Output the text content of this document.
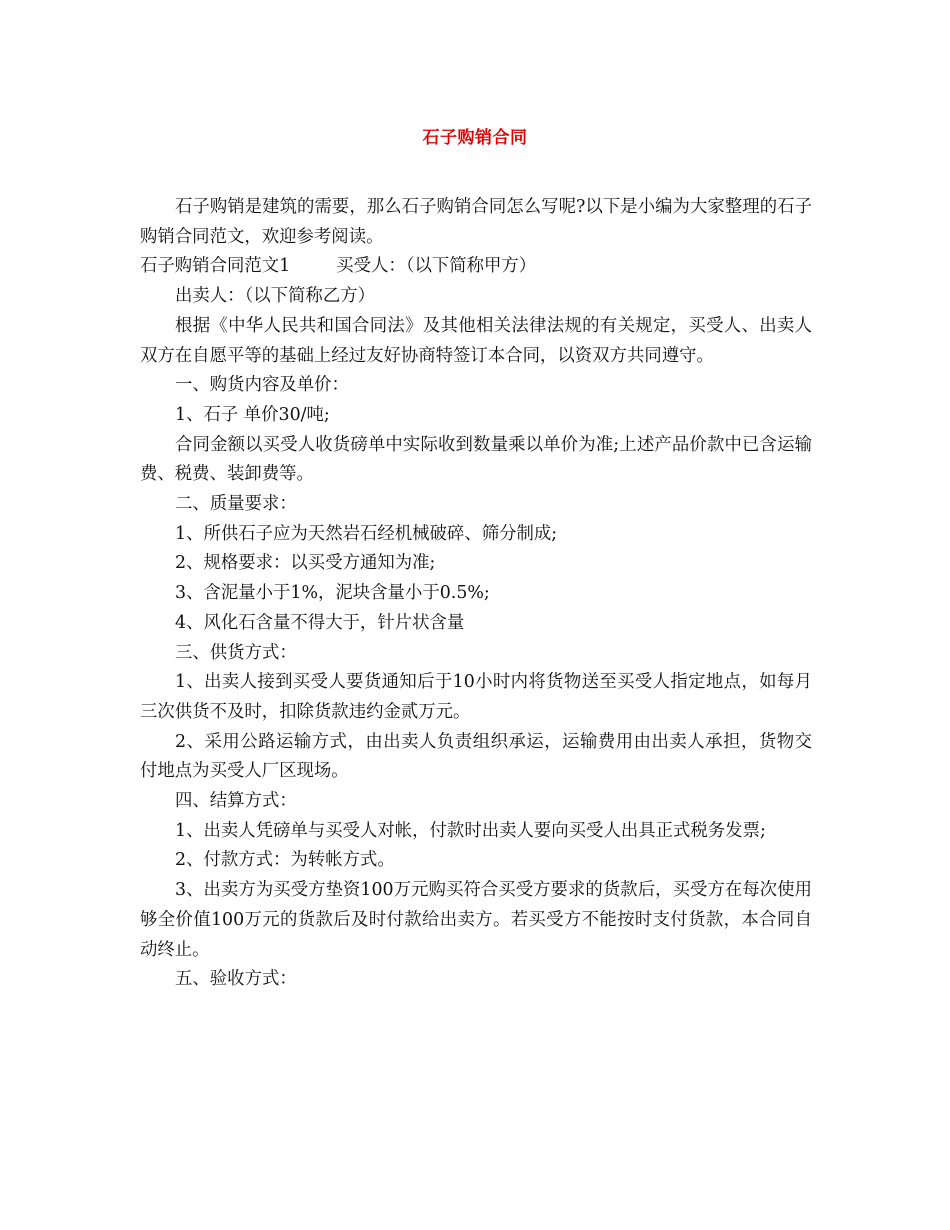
石子购销合同

石子购销是建筑的需要，那么石子购销合同怎么写呢?以下是小编为大家整理的石子购销合同范文，欢迎参考阅读。

石子购销合同范文1	买受人：（以下简称甲方）

出卖人：（以下简称乙方）

根据《中华人民共和国合同法》及其他相关法律法规的有关规定，买受人、出卖人双方在自愿平等的基础上经过友好协商特签订本合同，以资双方共同遵守。

一、购货内容及单价：

1、石子 单价30/吨;

合同金额以买受人收货磅单中实际收到数量乘以单价为准;上述产品价款中已含运输费、税费、装卸费等。

二、质量要求：

1、所供石子应为天然岩石经机械破碎、筛分制成;

2、规格要求：以买受方通知为准;

3、含泥量小于1%，泥块含量小于0.5%;

4、风化石含量不得大于，针片状含量

三、供货方式：

1、出卖人接到买受人要货通知后于10小时内将货物送至买受人指定地点，如每月三次供货不及时，扣除货款违约金贰万元。

2、采用公路运输方式，由出卖人负责组织承运，运输费用由出卖人承担，货物交付地点为买受人厂区现场。

四、结算方式：

1、出卖人凭磅单与买受人对帐，付款时出卖人要向买受人出具正式税务发票;

2、付款方式：为转帐方式。

3、出卖方为买受方垫资100万元购买符合买受方要求的货款后，买受方在每次使用够全价值100万元的货款后及时付款给出卖方。若买受方不能按时支付货款，本合同自动终止。

五、验收方式：
